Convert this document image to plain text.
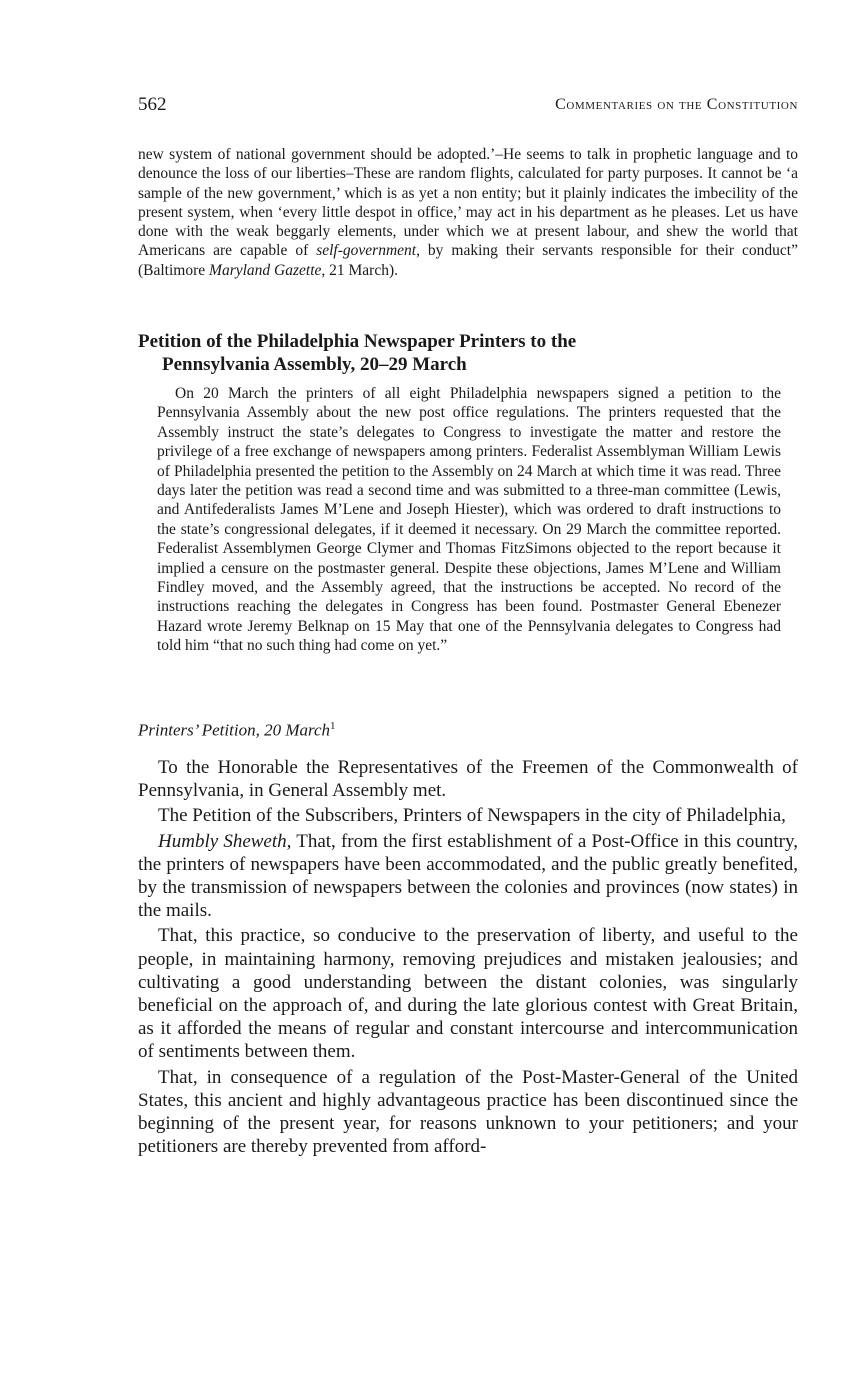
562	Commentaries on the Constitution

new system of national government should be adopted.’–He seems to talk in prophetic language and to denounce the loss of our liberties–These are random flights, calculated for party purposes. It cannot be ‘a sample of the new government,’ which is as yet a non entity; but it plainly indicates the imbecility of the present system, when ‘every little despot in office,’ may act in his department as he pleases. Let us have done with the weak beggarly elements, under which we at present labour, and shew the world that Americans are capable of self-government, by making their servants responsible for their conduct” (Baltimore Maryland Gazette, 21 March).

Petition of the Philadelphia Newspaper Printers to the
Pennsylvania Assembly, 20–29 March

On 20 March the printers of all eight Philadelphia newspapers signed a petition to the Pennsylvania Assembly about the new post office regulations. The printers requested that the Assembly instruct the state’s delegates to Congress to investigate the matter and restore the privilege of a free exchange of newspapers among printers. Federalist Assemblyman William Lewis of Philadelphia presented the petition to the Assembly on 24 March at which time it was read. Three days later the petition was read a second time and was submitted to a three-man committee (Lewis, and Antifederalists James M’Lene and Joseph Hiester), which was ordered to draft instructions to the state’s congressional delegates, if it deemed it necessary. On 29 March the committee reported. Federalist Assemblymen George Clymer and Thomas FitzSimons objected to the report because it implied a censure on the postmaster general. Despite these objections, James M’Lene and William Findley moved, and the Assembly agreed, that the instructions be accepted. No record of the instructions reaching the delegates in Congress has been found. Postmaster General Ebenezer Hazard wrote Jeremy Belknap on 15 May that one of the Pennsylvania delegates to Congress had told him “that no such thing had come on yet.”

Printers’ Petition, 20 March$^1$

To the Honorable the Representatives of the Freemen of the Commonwealth of Pennsylvania, in General Assembly met.

The Petition of the Subscribers, Printers of Newspapers in the city of Philadelphia,

Humbly Sheweth, That, from the first establishment of a Post-Office in this country, the printers of newspapers have been accommodated, and the public greatly benefited, by the transmission of newspapers between the colonies and provinces (now states) in the mails.

That, this practice, so conducive to the preservation of liberty, and useful to the people, in maintaining harmony, removing prejudices and mistaken jealousies; and cultivating a good understanding between the distant colonies, was singularly beneficial on the approach of, and during the late glorious contest with Great Britain, as it afforded the means of regular and constant intercourse and intercommunication of sentiments between them.

That, in consequence of a regulation of the Post-Master-General of the United States, this ancient and highly advantageous practice has been discontinued since the beginning of the present year, for reasons unknown to your petitioners; and your petitioners are thereby prevented from afford-
